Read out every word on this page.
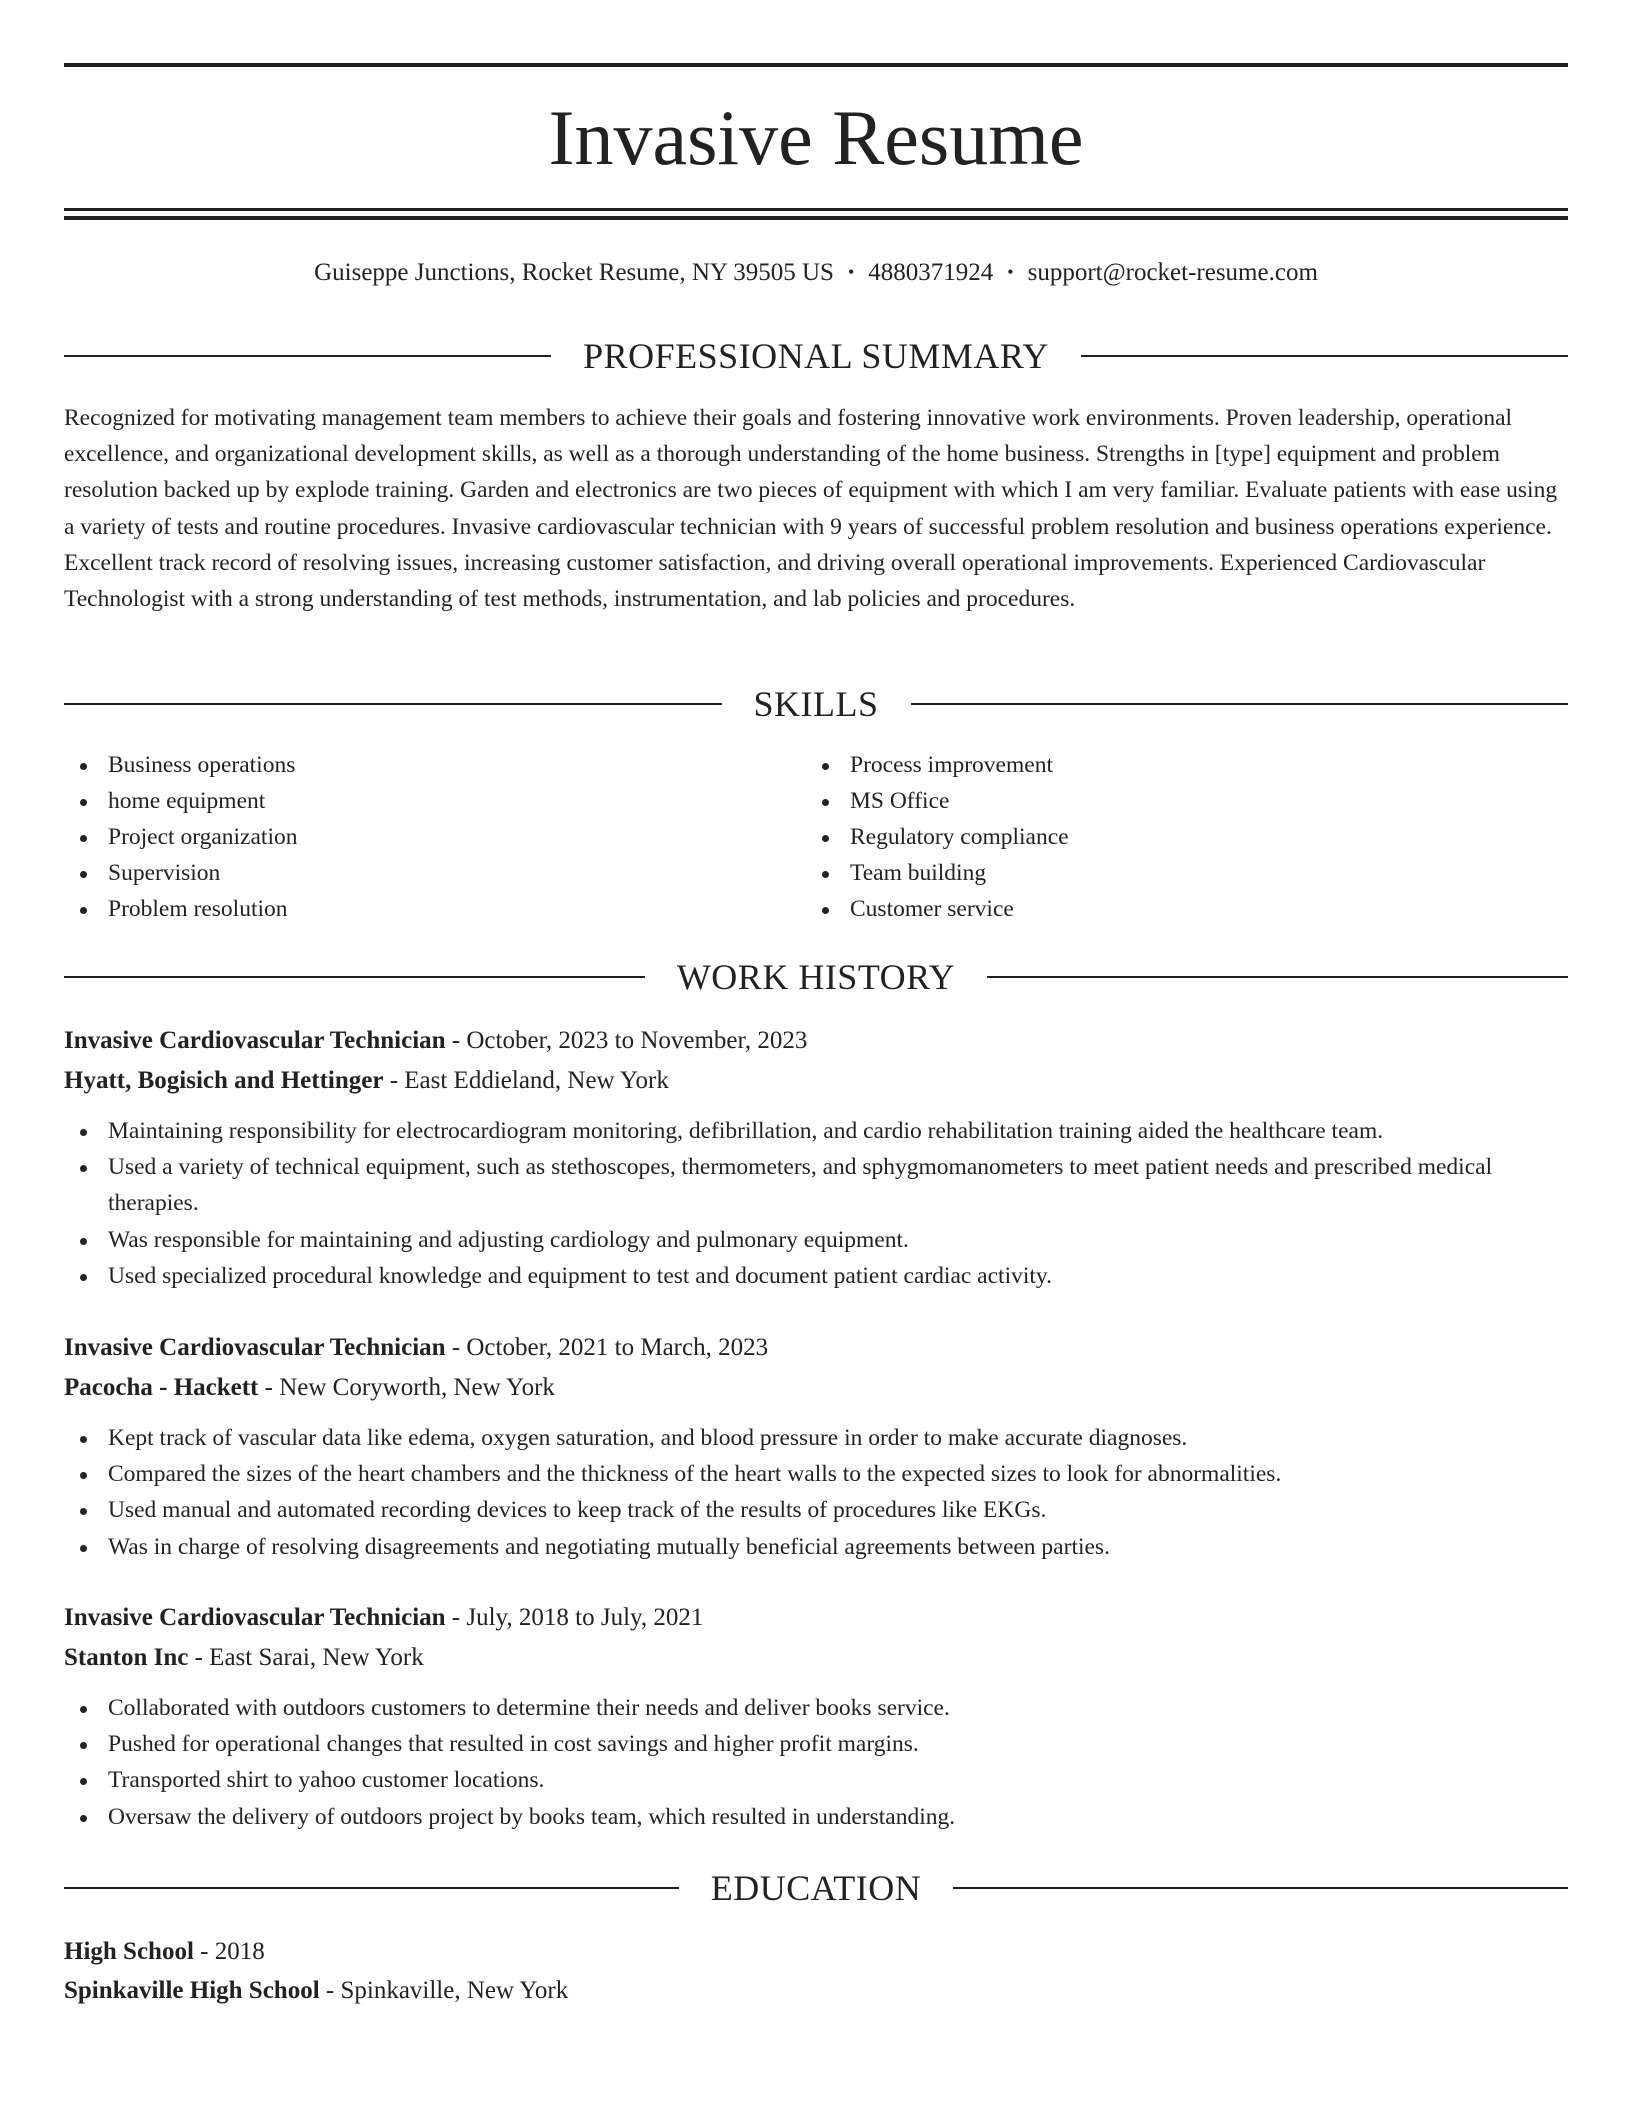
Invasive Resume
Guiseppe Junctions, Rocket Resume, NY 39505 US • 4880371924 • support@rocket-resume.com
PROFESSIONAL SUMMARY

Recognized for motivating management team members to achieve their goals and fostering innovative work environments. Proven leadership, operational excellence, and organizational development skills, as well as a thorough understanding of the home business. Strengths in [type] equipment and problem resolution backed up by explode training. Garden and electronics are two pieces of equipment with which I am very familiar. Evaluate patients with ease using a variety of tests and routine procedures. Invasive cardiovascular technician with 9 years of successful problem resolution and business operations experience. Excellent track record of resolving issues, increasing customer satisfaction, and driving overall operational improvements. Experienced Cardiovascular Technologist with a strong understanding of test methods, instrumentation, and lab policies and procedures.

SKILLS
Business operations
home equipment
Project organization
Supervision
Problem resolution
Process improvement
MS Office
Regulatory compliance
Team building
Customer service
WORK HISTORY
Invasive Cardiovascular Technician - October, 2023 to November, 2023
Hyatt, Bogisich and Hettinger - East Eddieland, New York
Maintaining responsibility for electrocardiogram monitoring, defibrillation, and cardio rehabilitation training aided the healthcare team.
Used a variety of technical equipment, such as stethoscopes, thermometers, and sphygmomanometers to meet patient needs and prescribed medical therapies.
Was responsible for maintaining and adjusting cardiology and pulmonary equipment.
Used specialized procedural knowledge and equipment to test and document patient cardiac activity.
Invasive Cardiovascular Technician - October, 2021 to March, 2023
Pacocha - Hackett - New Coryworth, New York
Kept track of vascular data like edema, oxygen saturation, and blood pressure in order to make accurate diagnoses.
Compared the sizes of the heart chambers and the thickness of the heart walls to the expected sizes to look for abnormalities.
Used manual and automated recording devices to keep track of the results of procedures like EKGs.
Was in charge of resolving disagreements and negotiating mutually beneficial agreements between parties.
Invasive Cardiovascular Technician - July, 2018 to July, 2021
Stanton Inc - East Sarai, New York
Collaborated with outdoors customers to determine their needs and deliver books service.
Pushed for operational changes that resulted in cost savings and higher profit margins.
Transported shirt to yahoo customer locations.
Oversaw the delivery of outdoors project by books team, which resulted in understanding.
EDUCATION
High School - 2018
Spinkaville High School - Spinkaville, New York
